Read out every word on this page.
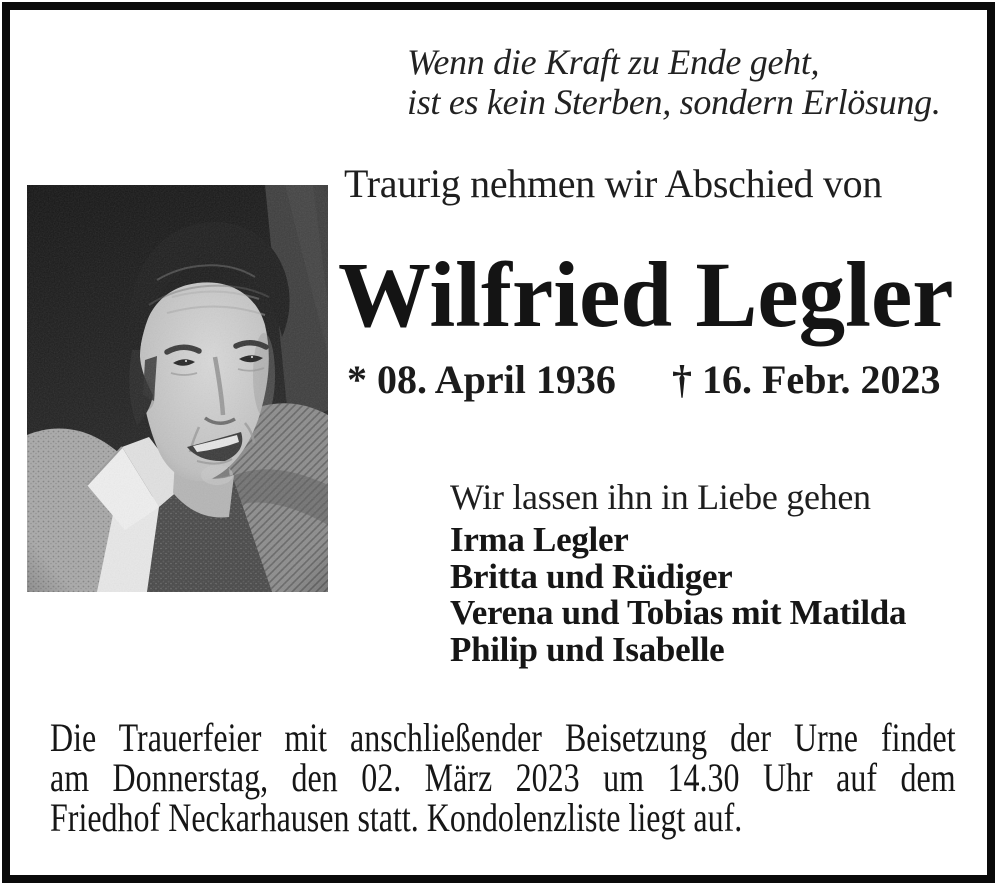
Wenn die Kraft zu Ende geht,
ist es kein Sterben, sondern Erlösung.
Traurig nehmen wir Abschied von
Wilfried Legler
* 08. April 1936 † 16. Febr. 2023
Wir lassen ihn in Liebe gehen
Irma Legler
Britta und Rüdiger
Verena und Tobias mit Matilda
Philip und Isabelle
Die Trauerfeier mit anschließender Beisetzung der Urne findet
am Donnerstag, den 02. März 2023 um 14.30 Uhr auf dem
Friedhof Neckarhausen statt. Kondolenzliste liegt auf.
